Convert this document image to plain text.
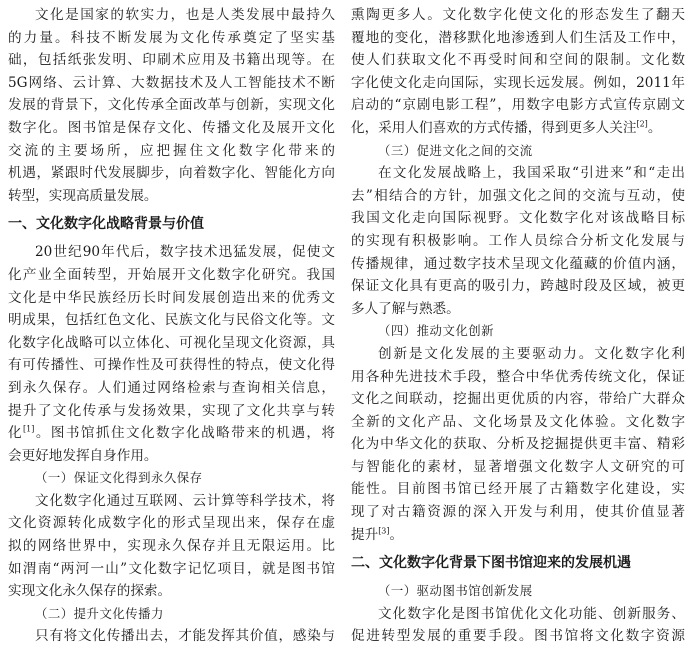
文化是国家的软实力，也是人类发展中最持久
的力量。科技不断发展为文化传承奠定了坚实基
础，包括纸张发明、印刷术应用及书籍出现等。在
5G网络、云计算、大数据技术及人工智能技术不断
发展的背景下，文化传承全面改革与创新，实现文化
数字化。图书馆是保存文化、传播文化及展开文化
交流的主要场所，应把握住文化数字化带来的
机遇，紧跟时代发展脚步，向着数字化、智能化方向
转型，实现高质量发展。
一、文化数字化战略背景与价值
20世纪90年代后，数字技术迅猛发展，促使文
化产业全面转型，开始展开文化数字化研究。我国
文化是中华民族经历长时间发展创造出来的优秀文
明成果，包括红色文化、民族文化与民俗文化等。文
化数字化战略可以立体化、可视化呈现文化资源，具
有可传播性、可操作性及可获得性的特点，使文化得
到永久保存。人们通过网络检索与查询相关信息，
提升了文化传承与发扬效果，实现了文化共享与转
化[1]。图书馆抓住文化数字化战略带来的机遇，将
会更好地发挥自身作用。
（一）保证文化得到永久保存
文化数字化通过互联网、云计算等科学技术，将
文化资源转化成数字化的形式呈现出来，保存在虚
拟的网络世界中，实现永久保存并且无限运用。比
如渭南“两河一山”文化数字记忆项目，就是图书馆
实现文化永久保存的探索。
（二）提升文化传播力
只有将文化传播出去，才能发挥其价值，感染与
熏陶更多人。文化数字化使文化的形态发生了翻天
覆地的变化，潜移默化地渗透到人们生活及工作中，
使人们获取文化不再受时间和空间的限制。文化数
字化使文化走向国际，实现长远发展。例如，2011年
启动的“京剧电影工程”，用数字电影方式宣传京剧文
化，采用人们喜欢的方式传播，得到更多人关注[2]。
（三）促进文化之间的交流
在文化发展战略上，我国采取“引进来”和“走出
去”相结合的方针，加强文化之间的交流与互动，使
我国文化走向国际视野。文化数字化对该战略目标
的实现有积极影响。工作人员综合分析文化发展与
传播规律，通过数字技术呈现文化蕴藏的价值内涵，
保证文化具有更高的吸引力，跨越时段及区域，被更
多人了解与熟悉。
（四）推动文化创新
创新是文化发展的主要驱动力。文化数字化利
用各种先进技术手段，整合中华优秀传统文化，保证
文化之间联动，挖掘出更优质的内容，带给广大群众
全新的文化产品、文化场景及文化体验。文化数字
化为中华文化的获取、分析及挖掘提供更丰富、精彩
与智能化的素材，显著增强文化数字人文研究的可
能性。目前图书馆已经开展了古籍数字化建设，实
现了对古籍资源的深入开发与利用，使其价值显著
提升[3]。
二、文化数字化背景下图书馆迎来的发展机遇
（一）驱动图书馆创新发展
文化数字化是图书馆优化文化功能、创新服务、
促进转型发展的重要手段。图书馆将文化数字资源
